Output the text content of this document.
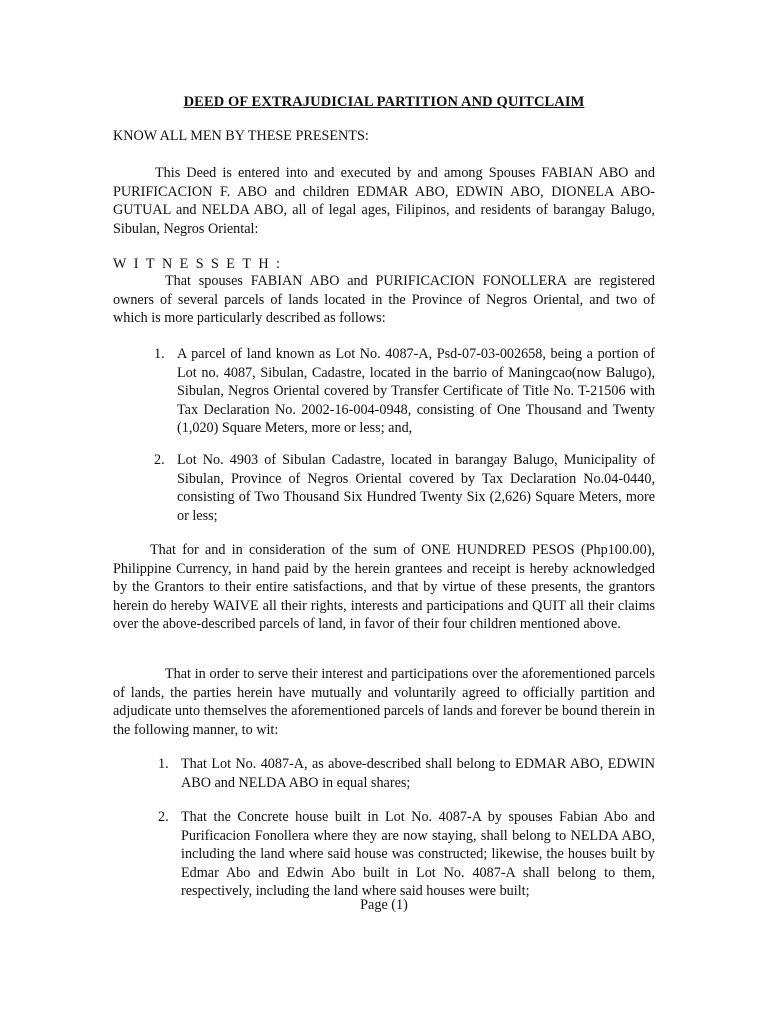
DEED OF EXTRAJUDICIAL PARTITION AND QUITCLAIM
KNOW ALL MEN BY THESE PRESENTS:

This Deed is entered into and executed by and among Spouses FABIAN ABO and PURIFICACION F. ABO and children EDMAR ABO, EDWIN ABO, DIONELA ABO-GUTUAL and NELDA ABO, all of legal ages, Filipinos, and residents of barangay Balugo, Sibulan, Negros Oriental:

WITNESSETH:

That spouses FABIAN ABO and PURIFICACION FONOLLERA are registered owners of several parcels of lands located in the Province of Negros Oriental, and two of which is more particularly described as follows:

1. A parcel of land known as Lot No. 4087-A, Psd-07-03-002658, being a portion of Lot no. 4087, Sibulan, Cadastre, located in the barrio of Maningcao(now Balugo), Sibulan, Negros Oriental covered by Transfer Certificate of Title No. T-21506 with Tax Declaration No. 2002-16-004-0948, consisting of One Thousand and Twenty (1,020) Square Meters, more or less; and,
2. Lot No. 4903 of Sibulan Cadastre, located in barangay Balugo, Municipality of Sibulan, Province of Negros Oriental covered by Tax Declaration No.04-0440, consisting of Two Thousand Six Hundred Twenty Six (2,626) Square Meters, more or less;

That for and in consideration of the sum of ONE HUNDRED PESOS (Php100.00), Philippine Currency, in hand paid by the herein grantees and receipt is hereby acknowledged by the Grantors to their entire satisfactions, and that by virtue of these presents, the grantors herein do hereby WAIVE all their rights, interests and participations and QUIT all their claims over the above-described parcels of land, in favor of their four children mentioned above.

That in order to serve their interest and participations over the aforementioned parcels of lands, the parties herein have mutually and voluntarily agreed to officially partition and adjudicate unto themselves the aforementioned parcels of lands and forever be bound therein in the following manner, to wit:

1. That Lot No. 4087-A, as above-described shall belong to EDMAR ABO, EDWIN ABO and NELDA ABO in equal shares;
2. That the Concrete house built in Lot No. 4087-A by spouses Fabian Abo and Purificacion Fonollera where they are now staying, shall belong to NELDA ABO, including the land where said house was constructed; likewise, the houses built by Edmar Abo and Edwin Abo built in Lot No. 4087-A shall belong to them, respectively, including the land where said houses were built;
Page (1)
